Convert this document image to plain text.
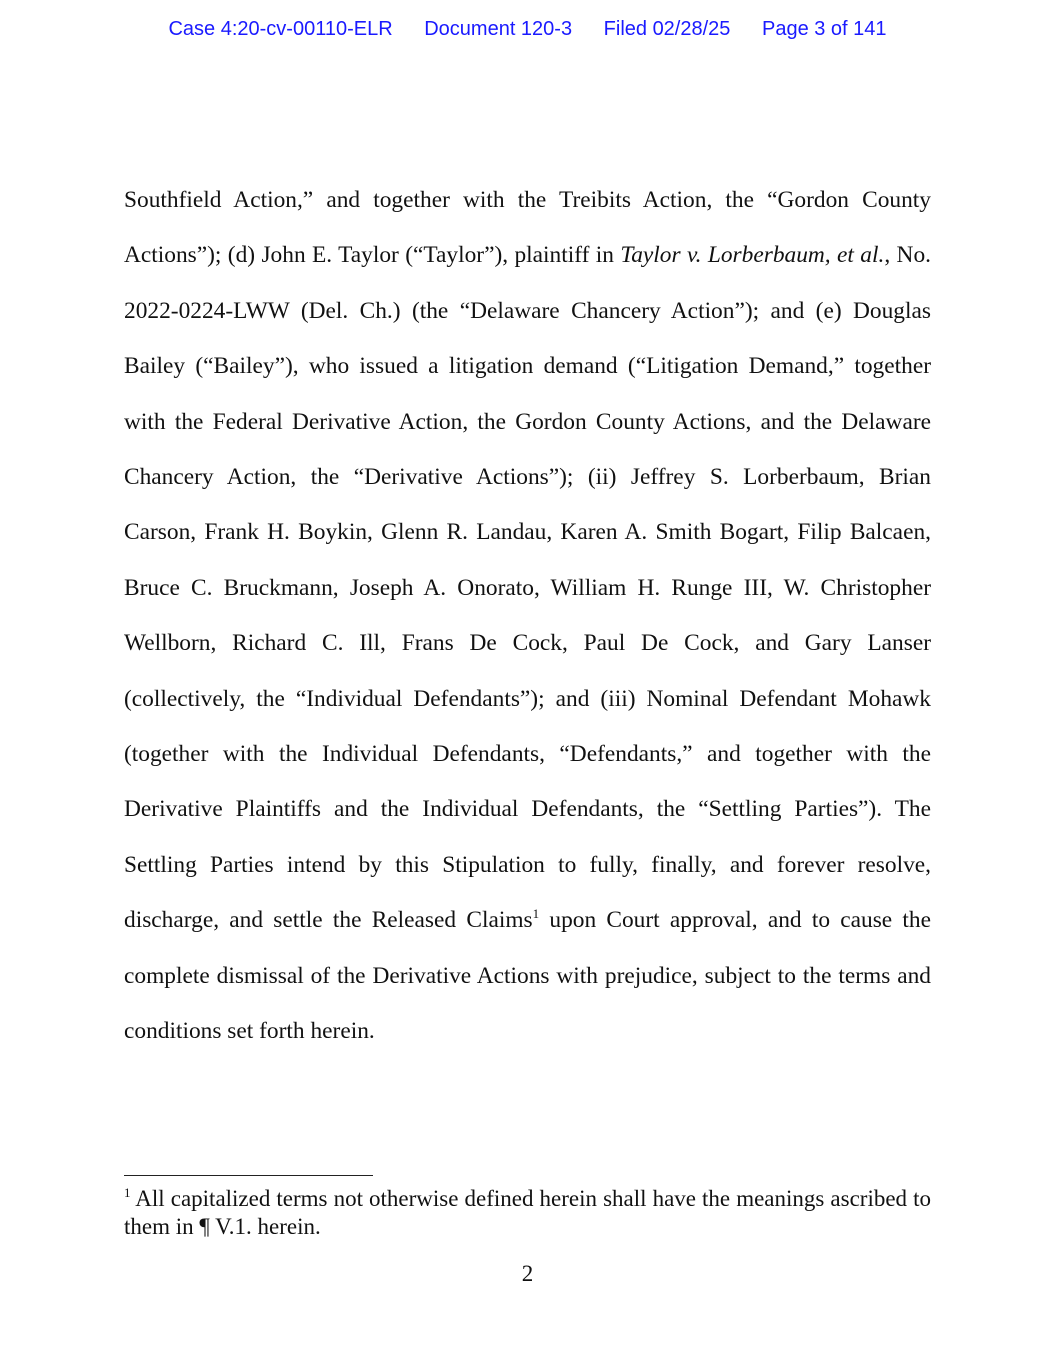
Case 4:20-cv-00110-ELR Document 120-3 Filed 02/28/25 Page 3 of 141

Southfield Action,” and together with the Treibits Action, the “Gordon County Actions”); (d) John E. Taylor (“Taylor”), plaintiff in Taylor v. Lorberbaum, et al., No. 2022-0224-LWW (Del. Ch.) (the “Delaware Chancery Action”); and (e) Douglas Bailey (“Bailey”), who issued a litigation demand (“Litigation Demand,” together with the Federal Derivative Action, the Gordon County Actions, and the Delaware Chancery Action, the “Derivative Actions”); (ii) Jeffrey S. Lorberbaum, Brian Carson, Frank H. Boykin, Glenn R. Landau, Karen A. Smith Bogart, Filip Balcaen, Bruce C. Bruckmann, Joseph A. Onorato, William H. Runge III, W. Christopher Wellborn, Richard C. Ill, Frans De Cock, Paul De Cock, and Gary Lanser (collectively, the “Individual Defendants”); and (iii) Nominal Defendant Mohawk (together with the Individual Defendants, “Defendants,” and together with the Derivative Plaintiffs and the Individual Defendants, the “Settling Parties”). The Settling Parties intend by this Stipulation to fully, finally, and forever resolve, discharge, and settle the Released Claims$^1$ upon Court approval, and to cause the complete dismissal of the Derivative Actions with prejudice, subject to the terms and conditions set forth herein.

$^1$ All capitalized terms not otherwise defined herein shall have the meanings ascribed to them in ¶ V.1. herein.

2
